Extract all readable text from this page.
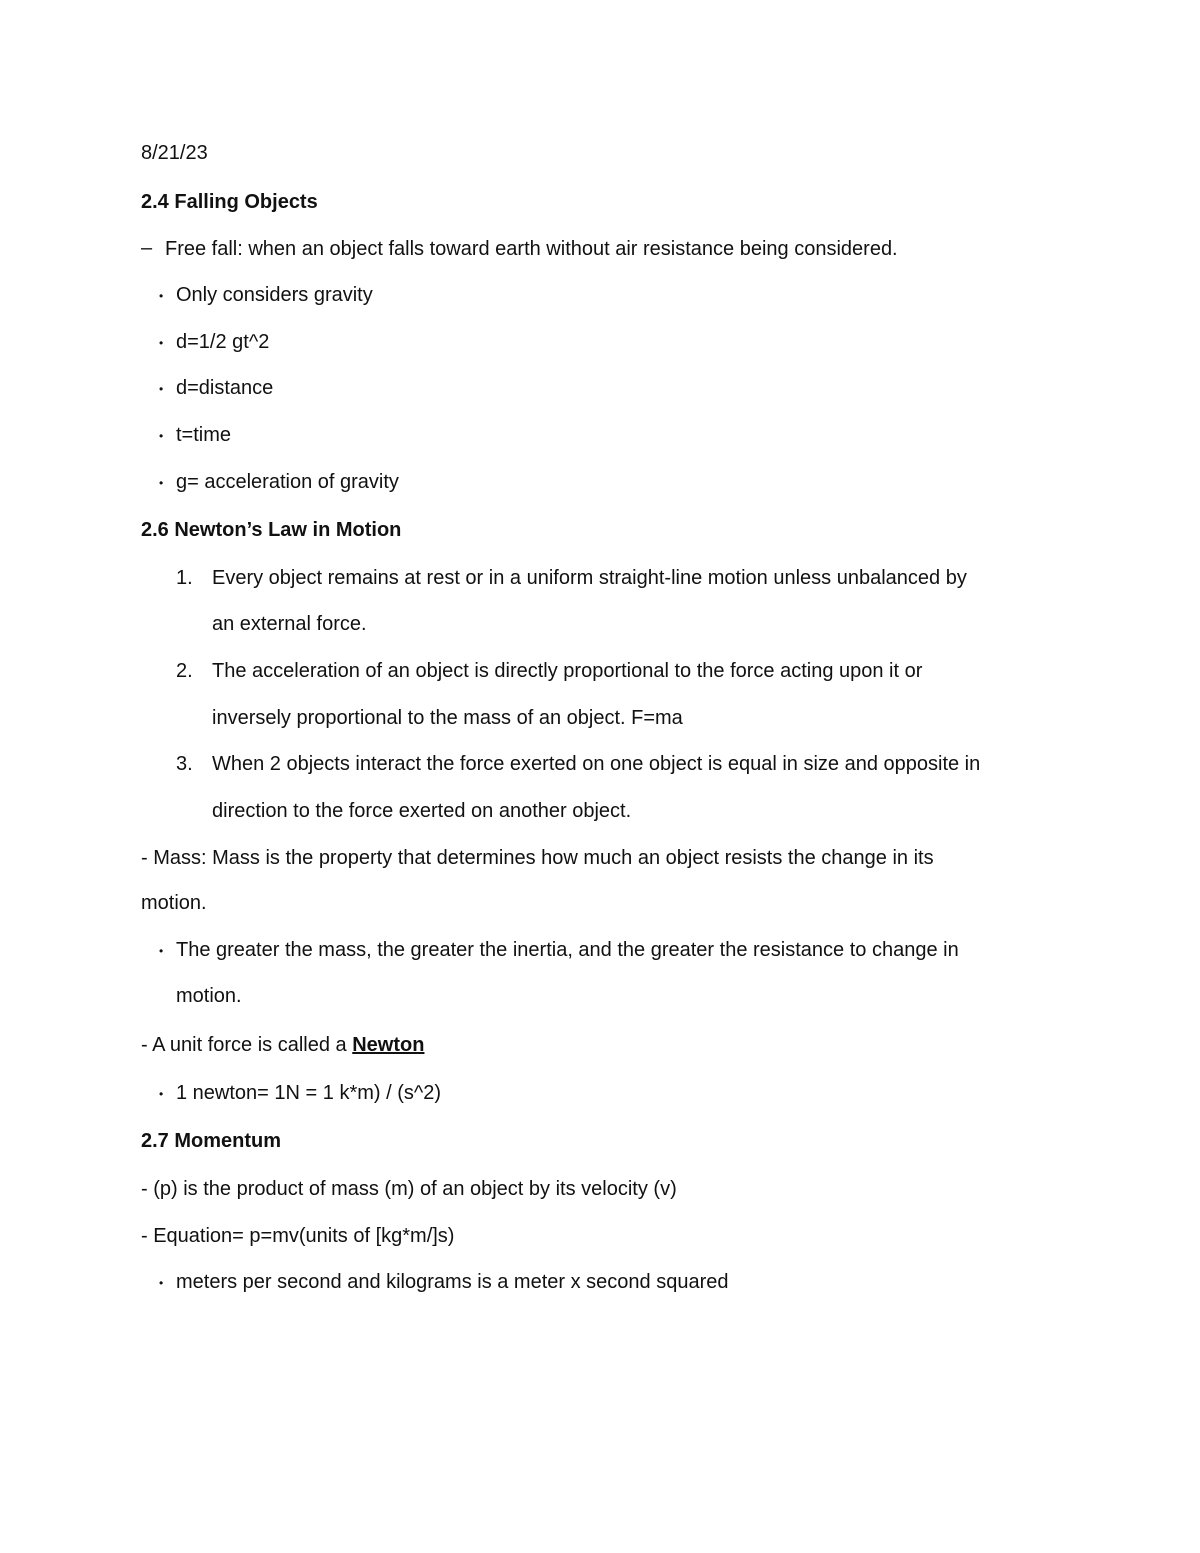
8/21/23
2.4 Falling Objects
– Free fall: when an object falls toward earth without air resistance being considered.
• Only considers gravity
• d=1/2 gt^2
• d=distance
• t=time
• g= acceleration of gravity
2.6 Newton’s Law in Motion
1. Every object remains at rest or in a uniform straight-line motion unless unbalanced by
an external force.
2. The acceleration of an object is directly proportional to the force acting upon it or
inversely proportional to the mass of an object. F=ma
3. When 2 objects interact the force exerted on one object is equal in size and opposite in
direction to the force exerted on another object.
- Mass: Mass is the property that determines how much an object resists the change in its
motion.
• The greater the mass, the greater the inertia, and the greater the resistance to change in
motion.
- A unit force is called a Newton
• 1 newton= 1N = 1 k*m) / (s^2)
2.7 Momentum
- (p) is the product of mass (m) of an object by its velocity (v)
- Equation= p=mv(units of [kg*m/]s)
• meters per second and kilograms is a meter x second squared
